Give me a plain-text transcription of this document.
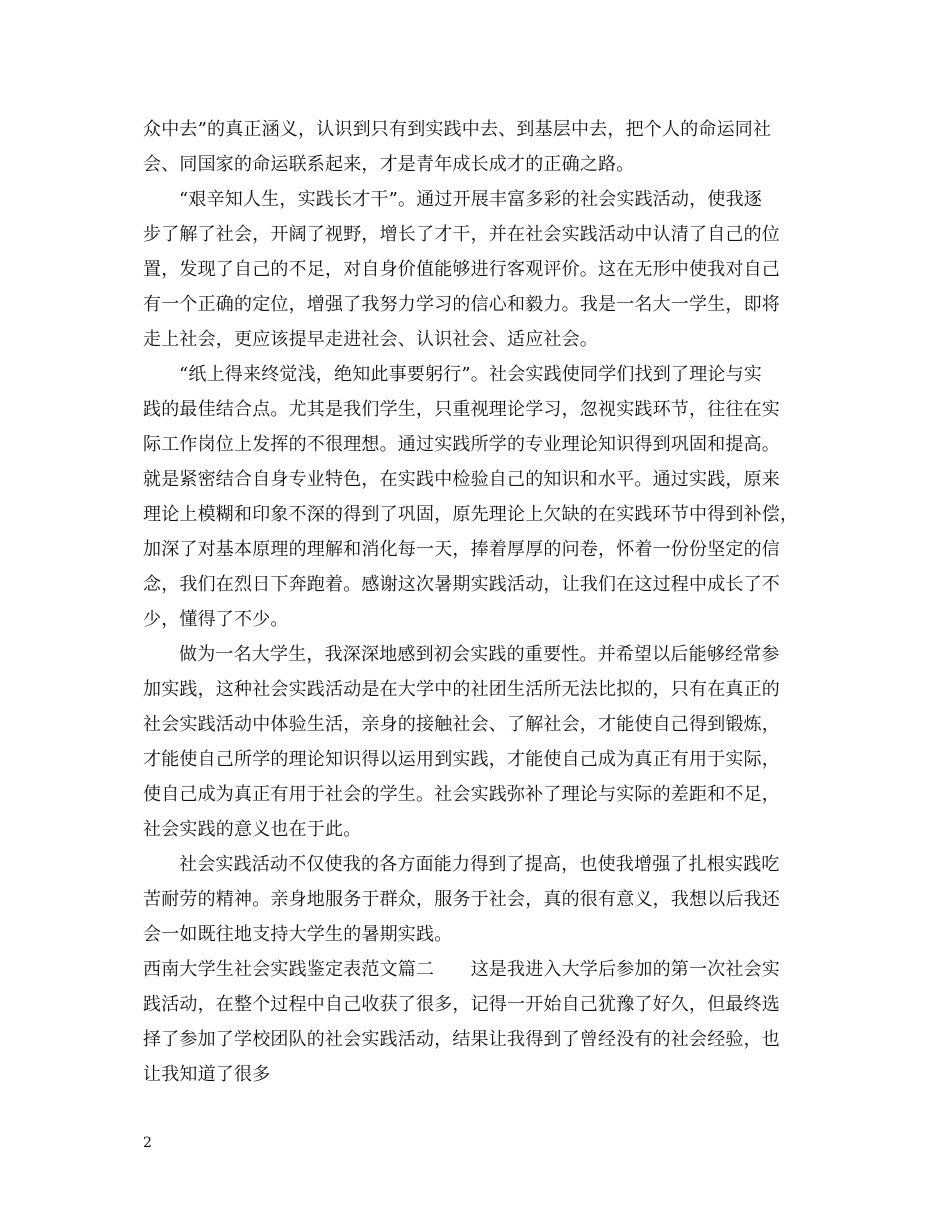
众中去”的真正涵义，认识到只有到实践中去、到基层中去，把个人的命运同社
会、同国家的命运联系起来，才是青年成长成才的正确之路。
“艰辛知人生，实践长才干”。通过开展丰富多彩的社会实践活动，使我逐
步了解了社会，开阔了视野，增长了才干，并在社会实践活动中认清了自己的位
置，发现了自己的不足，对自身价值能够进行客观评价。这在无形中使我对自己
有一个正确的定位，增强了我努力学习的信心和毅力。我是一名大一学生，即将
走上社会，更应该提早走进社会、认识社会、适应社会。
“纸上得来终觉浅，绝知此事要躬行”。社会实践使同学们找到了理论与实
践的最佳结合点。尤其是我们学生，只重视理论学习，忽视实践环节，往往在实
际工作岗位上发挥的不很理想。通过实践所学的专业理论知识得到巩固和提高。
就是紧密结合自身专业特色，在实践中检验自己的知识和水平。通过实践，原来
理论上模糊和印象不深的得到了巩固，原先理论上欠缺的在实践环节中得到补偿，
加深了对基本原理的理解和消化每一天，捧着厚厚的问卷，怀着一份份坚定的信
念，我们在烈日下奔跑着。感谢这次暑期实践活动，让我们在这过程中成长了不
少，懂得了不少。
做为一名大学生，我深深地感到初会实践的重要性。并希望以后能够经常参
加实践，这种社会实践活动是在大学中的社团生活所无法比拟的，只有在真正的
社会实践活动中体验生活，亲身的接触社会、了解社会，才能使自己得到锻炼，
才能使自己所学的理论知识得以运用到实践，才能使自己成为真正有用于实际，
使自己成为真正有用于社会的学生。社会实践弥补了理论与实际的差距和不足，
社会实践的意义也在于此。
社会实践活动不仅使我的各方面能力得到了提高，也使我增强了扎根实践吃
苦耐劳的精神。亲身地服务于群众，服务于社会，真的很有意义，我想以后我还
会一如既往地支持大学生的暑期实践。
西南大学生社会实践鉴定表范文篇二　　这是我进入大学后参加的第一次社会实
践活动，在整个过程中自己收获了很多，记得一开始自己犹豫了好久，但最终选
择了参加了学校团队的社会实践活动，结果让我得到了曾经没有的社会经验，也
让我知道了很多
2
